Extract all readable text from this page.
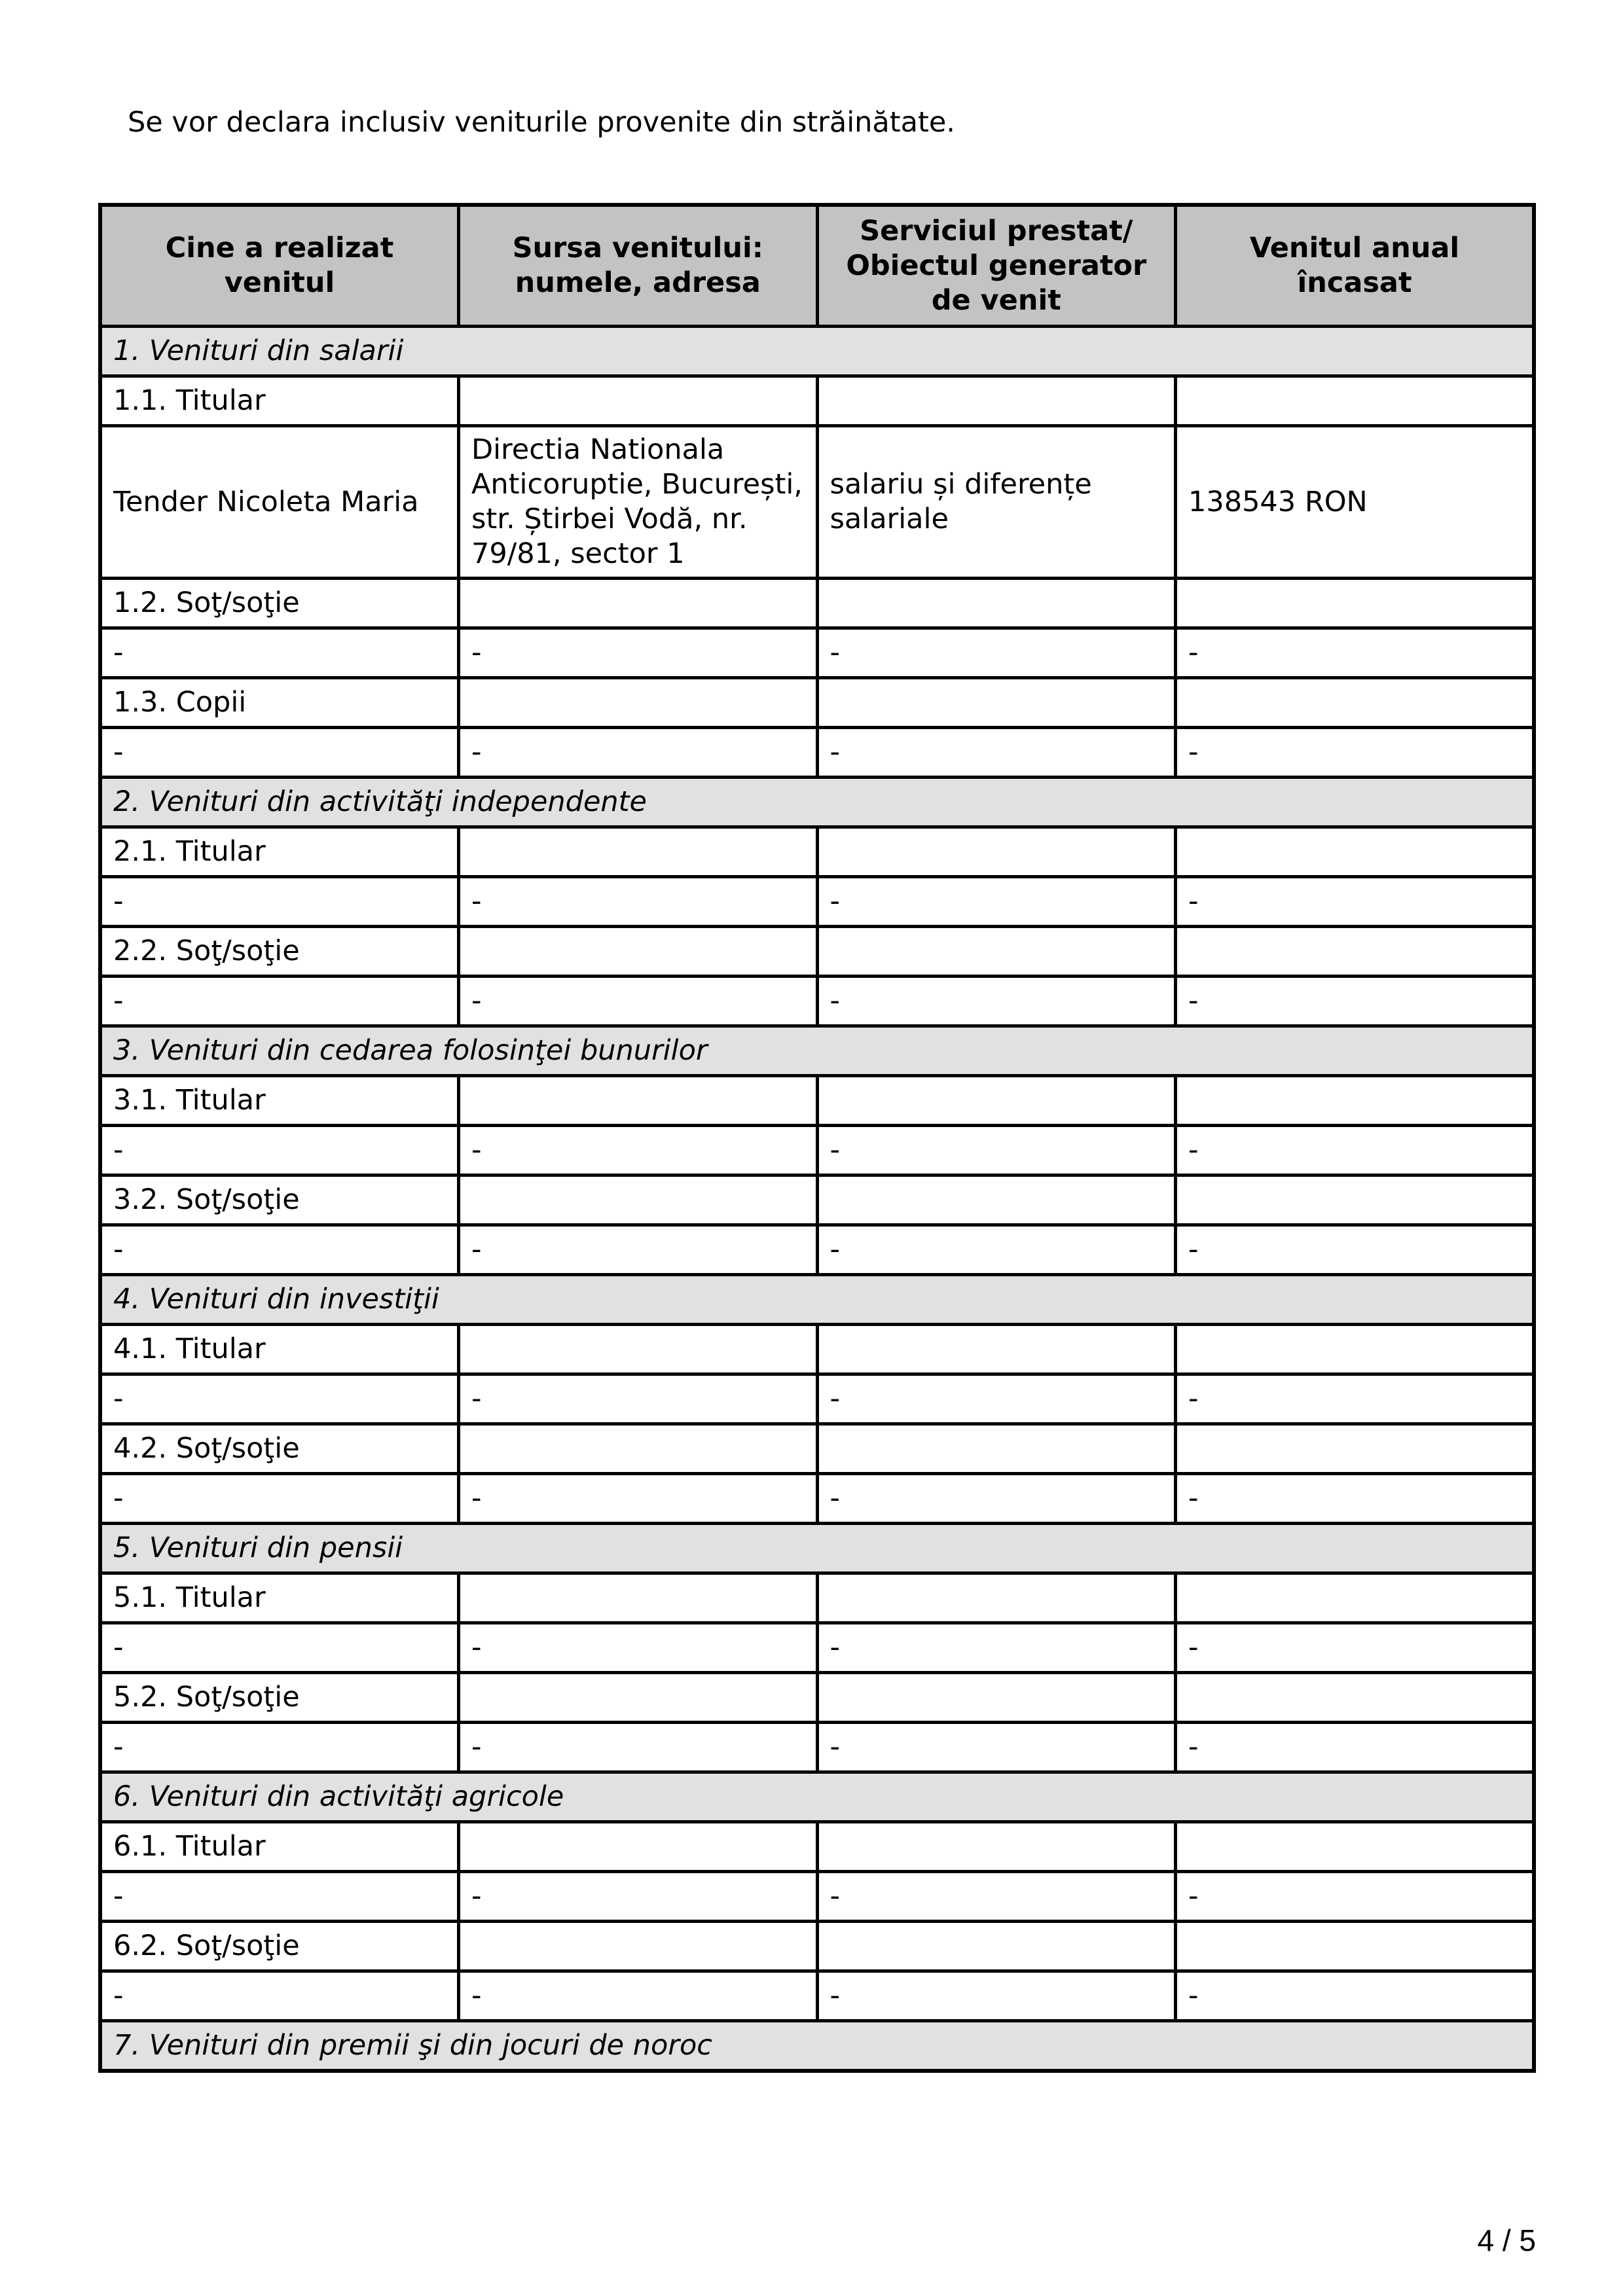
Se vor declara inclusiv veniturile provenite din străinătate.
Cine a realizat venitul	Sursa venitului: numele, adresa	Serviciul prestat/ Obiectul generator de venit	Venitul anual încasat
1. Venituri din salarii			
1.1. Titular			
Tender Nicoleta Maria	Directia Nationala Anticoruptie, București, str. Știrbei Vodă, nr. 79/81, sector 1	salariu și diferențe salariale	138543 RON
1.2. Soţ/soţie			
-	-	-	-
1.3. Copii			
-	-	-	-
2. Venituri din activităţi independente			
2.1. Titular			
-	-	-	-
2.2. Soţ/soţie			
-	-	-	-
3. Venituri din cedarea folosinţei bunurilor			
3.1. Titular			
-	-	-	-
3.2. Soţ/soţie			
-	-	-	-
4. Venituri din investiţii			
4.1. Titular			
-	-	-	-
4.2. Soţ/soţie			
-	-	-	-
5. Venituri din pensii			
5.1. Titular			
-	-	-	-
5.2. Soţ/soţie			
-	-	-	-
6. Venituri din activităţi agricole			
6.1. Titular			
-	-	-	-
6.2. Soţ/soţie			
-	-	-	-
7. Venituri din premii şi din jocuri de noroc			
4 / 5
